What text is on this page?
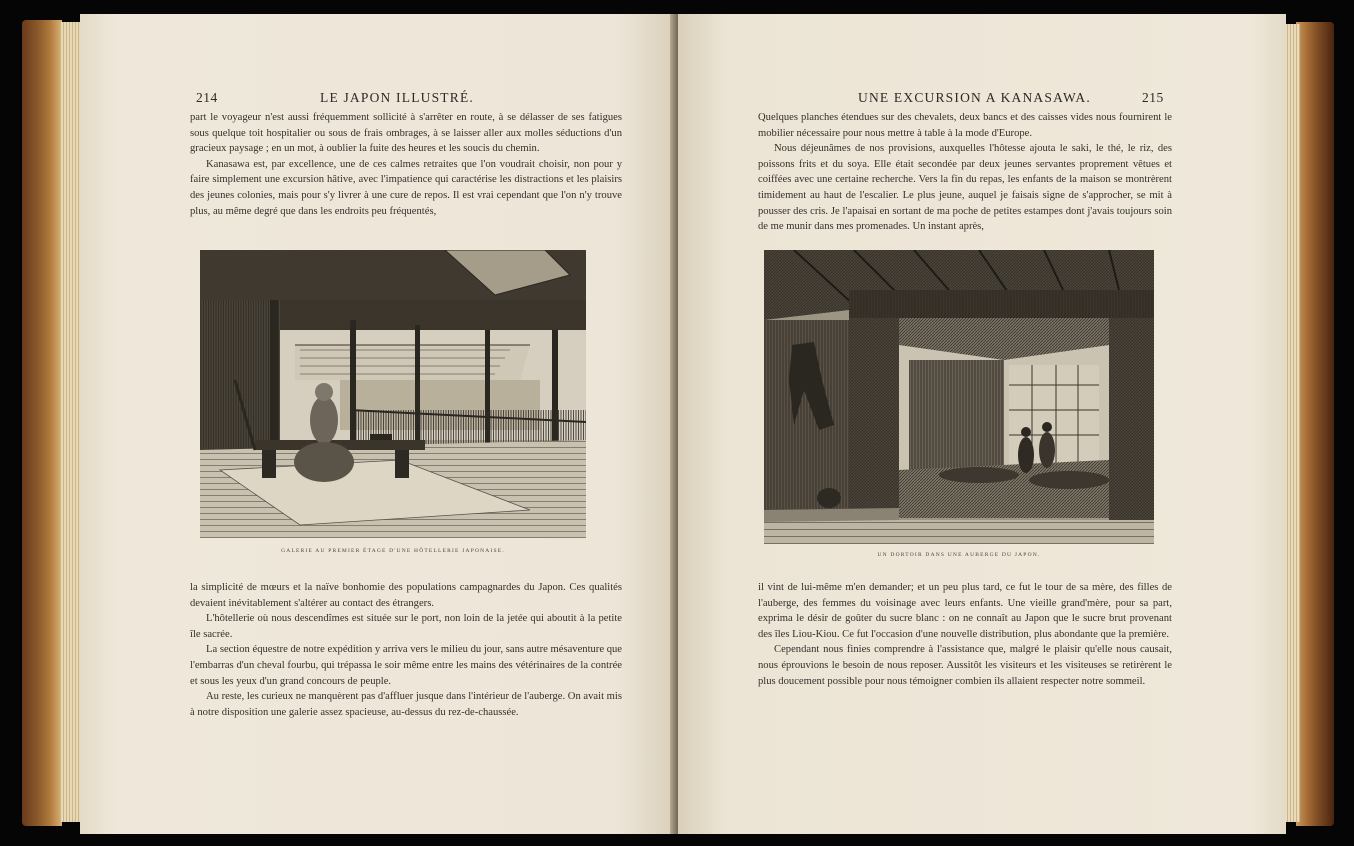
214	LE JAPON ILLUSTRÉ.

part le voyageur n'est aussi fréquemment sollicité à s'arrêter en route, à se délasser de ses fatigues sous quelque toit hospitalier ou sous de frais ombrages, à se laisser aller aux molles séductions d'un gracieux paysage ; en un mot, à oublier la fuite des heures et les soucis du chemin.

Kanasawa est, par excellence, une de ces calmes retraites que l'on voudrait choisir, non pour y faire simplement une excursion hâtive, avec l'impatience qui caractérise les distractions et les plaisirs des jeunes colonies, mais pour s'y livrer à une cure de repos. Il est vrai cependant que l'on n'y trouve plus, au même degré que dans les endroits peu fréquentés,

GALERIE AU PREMIER ÉTAGE D'UNE HÔTELLERIE JAPONAISE.

la simplicité de mœurs et la naïve bonhomie des populations campagnardes du Japon. Ces qualités devaient inévitablement s'altérer au contact des étrangers.

L'hôtellerie où nous descendîmes est située sur le port, non loin de la jetée qui aboutit à la petite île sacrée.

La section équestre de notre expédition y arriva vers le milieu du jour, sans autre mésaventure que l'embarras d'un cheval fourbu, qui trépassa le soir même entre les mains des vétérinaires de la contrée et sous les yeux d'un grand concours de peuple.

Au reste, les curieux ne manquèrent pas d'affluer jusque dans l'intérieur de l'auberge. On avait mis à notre disposition une galerie assez spacieuse, au-dessus du rez-de-chaussée.

UNE EXCURSION A KANASAWA.	215

Quelques planches étendues sur des chevalets, deux bancs et des caisses vides nous fournirent le mobilier nécessaire pour nous mettre à table à la mode d'Europe.

Nous déjeunâmes de nos provisions, auxquelles l'hôtesse ajouta le saki, le thé, le riz, des poissons frits et du soya. Elle était secondée par deux jeunes servantes proprement vêtues et coiffées avec une certaine recherche. Vers la fin du repas, les enfants de la maison se montrèrent timidement au haut de l'escalier. Le plus jeune, auquel je faisais signe de s'approcher, se mit à pousser des cris. Je l'apaisai en sortant de ma poche de petites estampes dont j'avais toujours soin de me munir dans mes promenades. Un instant après,

UN DORTOIR DANS UNE AUBERGE DU JAPON.

il vint de lui-même m'en demander; et un peu plus tard, ce fut le tour de sa mère, des filles de l'auberge, des femmes du voisinage avec leurs enfants. Une vieille grand'mère, pour sa part, exprima le désir de goûter du sucre blanc : on ne connaît au Japon que le sucre brut provenant des îles Liou-Kiou. Ce fut l'occasion d'une nouvelle distribution, plus abondante que la première.

Cependant nous finies comprendre à l'assistance que, malgré le plaisir qu'elle nous causait, nous éprouvions le besoin de nous reposer. Aussitôt les visiteurs et les visiteuses se retirèrent le plus doucement possible pour nous témoigner combien ils allaient respecter notre sommeil.
